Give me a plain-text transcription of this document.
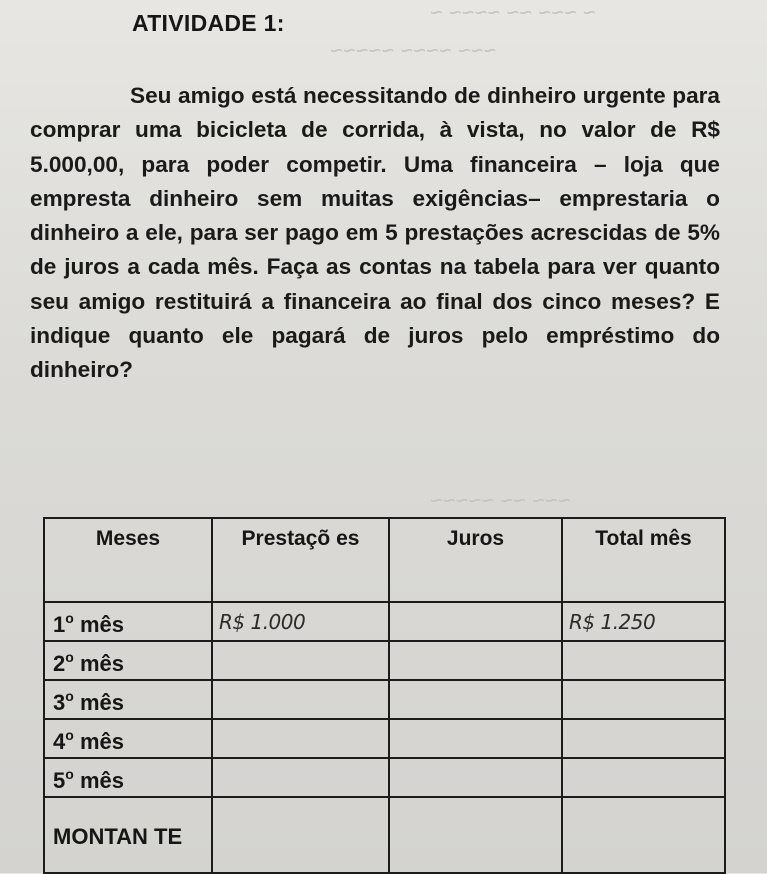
~ ~~~ ~~ ~~~~ ~
~~~ ~~~~ ~~~~~
~~~ ~~ ~~~~~
ATIVIDADE 1:
Seu amigo está necessitando de dinheiro urgente para comprar uma bicicleta de corrida, à vista, no valor de R$ 5.000,00, para poder competir. Uma financeira – loja que empresta dinheiro sem muitas exigências– emprestaria o dinheiro a ele, para ser pago em 5 prestações acrescidas de 5% de juros a cada mês. Faça as contas na tabela para ver quanto seu amigo restituirá a financeira ao final dos cinco meses? E indique quanto ele pagará de juros pelo empréstimo do dinheiro?
Meses	Prestaçõ es	Juros	Total mês
1$^o$ mês	R$ 1.000		R$ 1.250
2$^o$ mês			
3$^o$ mês			
4$^o$ mês			
5$^o$ mês			
MONTAN TE			
